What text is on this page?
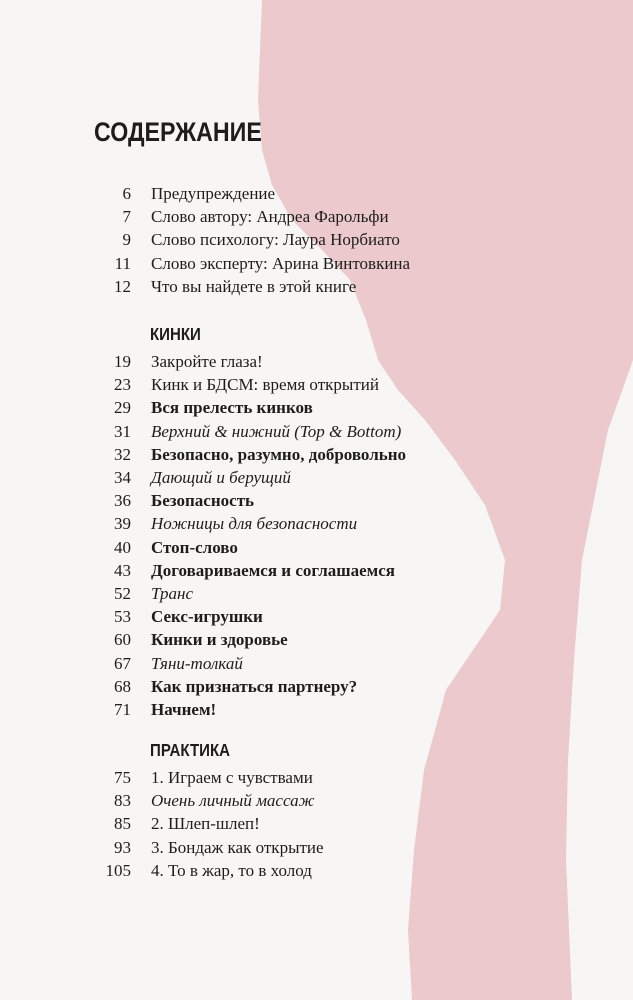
СОДЕРЖАНИЕ
6 Предупреждение
7 Слово автору: Андреа Фарольфи
9 Слово психологу: Лаура Норбиато
11 Слово эксперту: Арина Винтовкина
12 Что вы найдете в этой книге
КИНКИ
19 Закройте глаза!
23 Кинк и БДСМ: время открытий
29 Вся прелесть кинков
31 Верхний & нижний (Top & Bottom)
32 Безопасно, разумно, добровольно
34 Дающий и берущий
36 Безопасность
39 Ножницы для безопасности
40 Стоп-слово
43 Договариваемся и соглашаемся
52 Транс
53 Секс-игрушки
60 Кинки и здоровье
67 Тяни-толкай
68 Как признаться партнеру?
71 Начнем!
ПРАКТИКА
75 1. Играем с чувствами
83 Очень личный массаж
85 2. Шлеп-шлеп!
93 3. Бондаж как открытие
105 4. То в жар, то в холод
